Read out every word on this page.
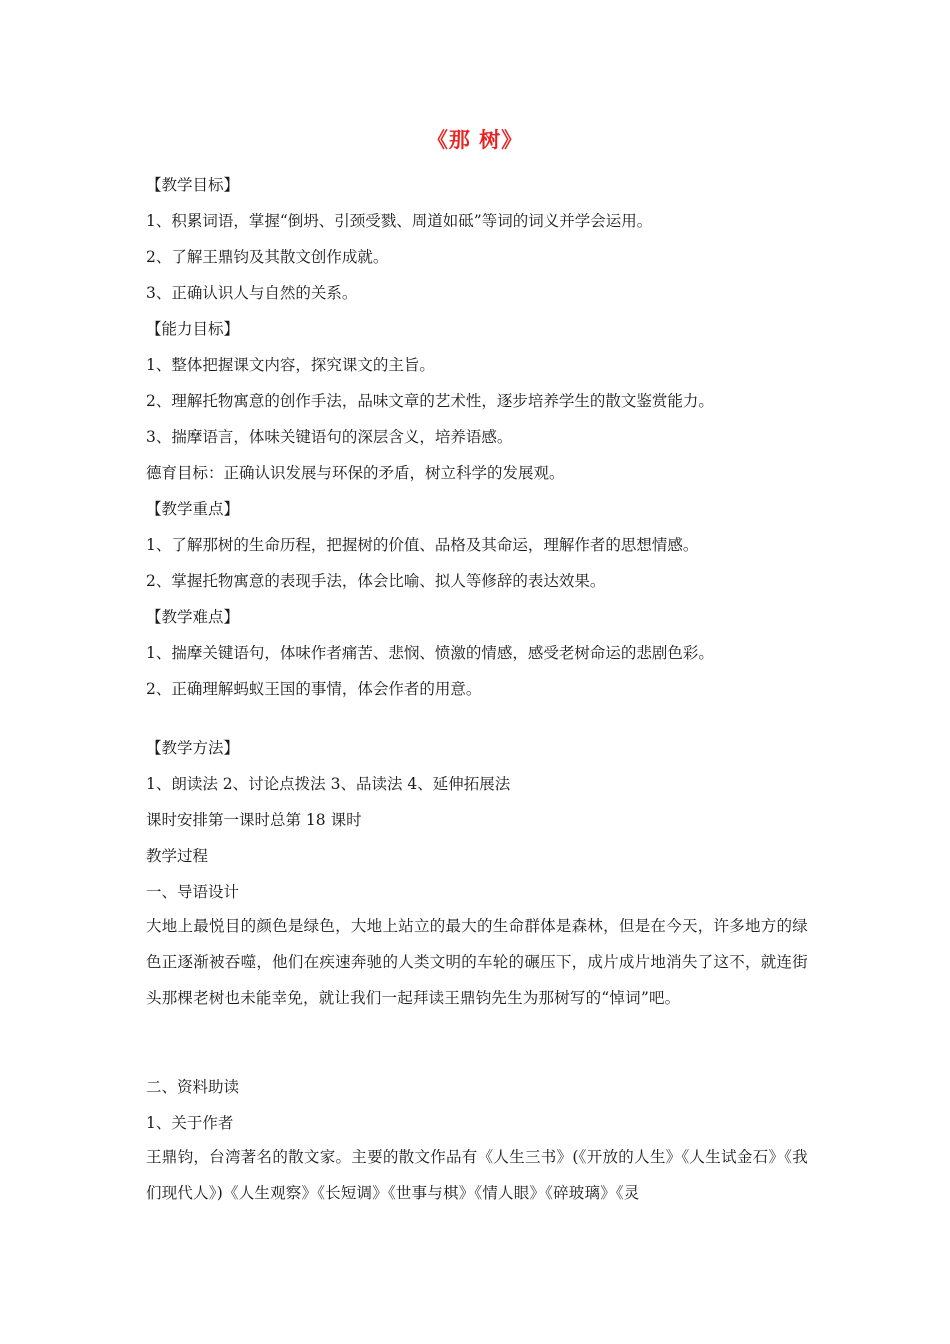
《那 树》
【教学目标】
1、积累词语，掌握“倒坍、引颈受戮、周道如砥”等词的词义并学会运用。
2、了解王鼎钧及其散文创作成就。
3、正确认识人与自然的关系。
【能力目标】
1、整体把握课文内容，探究课文的主旨。
2、理解托物寓意的创作手法，品味文章的艺术性，逐步培养学生的散文鉴赏能力。
3、揣摩语言，体味关键语句的深层含义，培养语感。
德育目标：正确认识发展与环保的矛盾，树立科学的发展观。
【教学重点】
1、了解那树的生命历程，把握树的价值、品格及其命运，理解作者的思想情感。
2、掌握托物寓意的表现手法，体会比喻、拟人等修辞的表达效果。
【教学难点】
1、揣摩关键语句，体味作者痛苦、悲悯、愤激的情感，感受老树命运的悲剧色彩。
2、正确理解蚂蚁王国的事情，体会作者的用意。
【教学方法】
1、朗读法 2、讨论点拨法 3、品读法 4、延伸拓展法
课时安排第一课时总第 18 课时
教学过程
一、导语设计
大地上最悦目的颜色是绿色，大地上站立的最大的生命群体是森林，但是在今天，许多地方的绿色正逐渐被吞噬，他们在疾速奔驰的人类文明的车轮的碾压下，成片成片地消失了这不，就连街头那棵老树也未能幸免，就让我们一起拜读王鼎钧先生为那树写的“悼词”吧。
二、资料助读
1、关于作者
王鼎钧，台湾著名的散文家。主要的散文作品有《人生三书》(《开放的人生》《人生试金石》《我们现代人》)《人生观察》《长短调》《世事与棋》《情人眼》《碎玻璃》《灵
